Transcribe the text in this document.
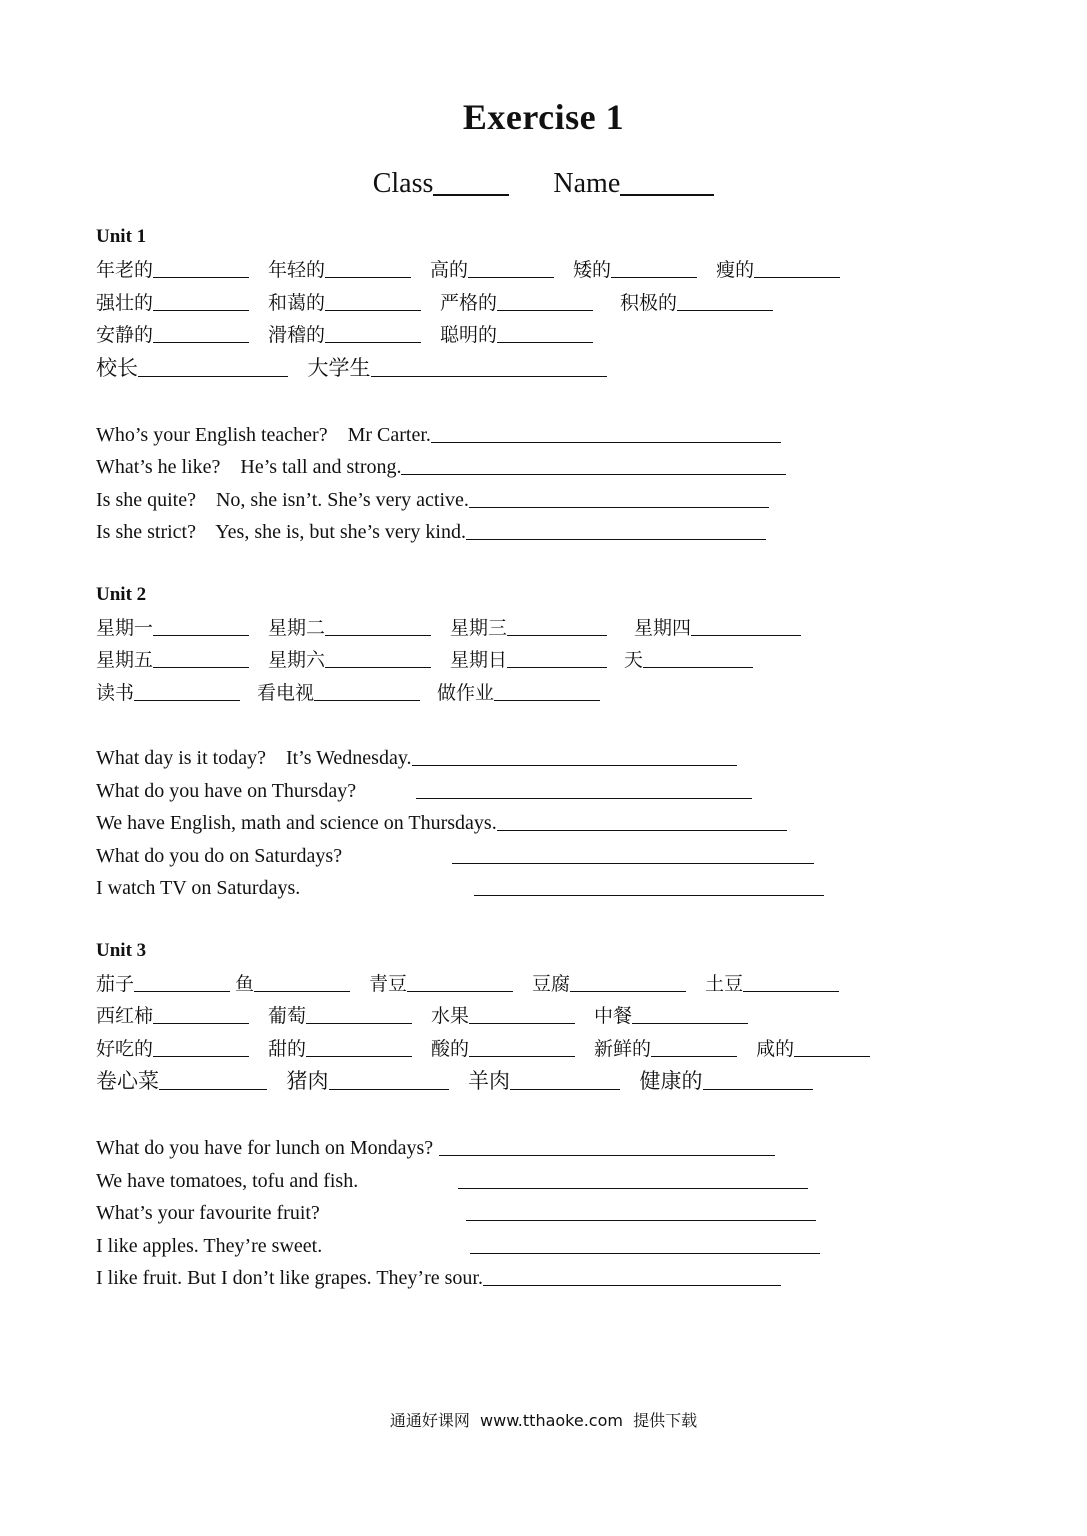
Exercise 1
Class	Name
Unit 1
年老的	年轻的	高的	矮的	瘦的
强壮的	和蔼的	严格的	积极的
安静的	滑稽的	聪明的
校长	大学生
Who’s your English teacher?    Mr Carter.
What’s he like?    He’s tall and strong.
Is she quite?    No, she isn’t. She’s very active.
Is she strict?    Yes, she is, but she’s very kind.
Unit 2
星期一	星期二	星期三	星期四
星期五	星期六	星期日	天
读书	看电视	做作业
What day is it today?    It’s Wednesday.
What do you have on Thursday?
We have English, math and science on Thursdays.
What do you do on Saturdays?
I watch TV on Saturdays.
Unit 3
茄子	鱼	青豆	豆腐	土豆
西红柿	葡萄	水果	中餐
好吃的	甜的	酸的	新鲜的	咸的
卷心菜	猪肉	羊肉	健康的
What do you have for lunch on Mondays?
We have tomatoes, tofu and fish.
What’s your favourite fruit?
I like apples. They’re sweet.
I like fruit. But I don’t like grapes. They’re sour.
通通好课网  www.tthaoke.com  提供下载
